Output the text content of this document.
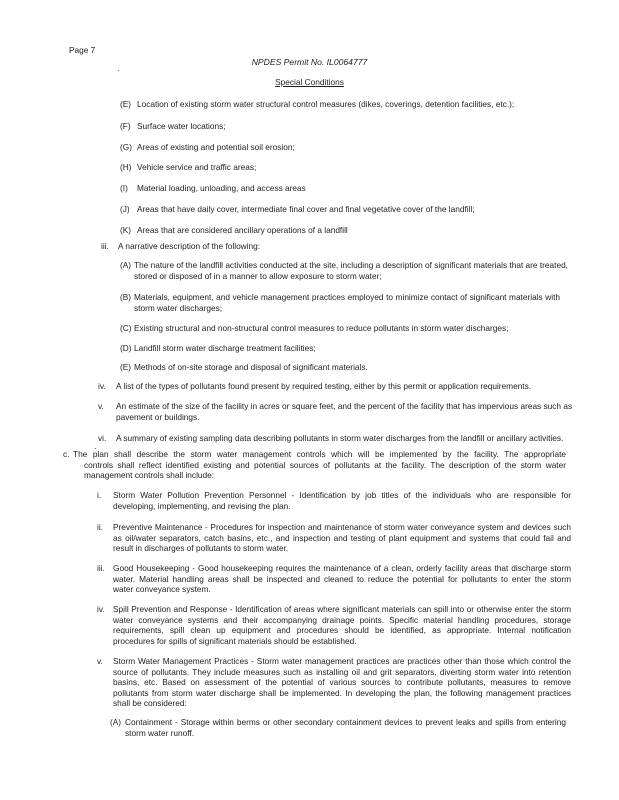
Page 7
NPDES Permit No. IL0064777
Special Conditions
(E) Location of existing storm water structural control measures (dikes, coverings, detention facilities, etc.);
(F) Surface water locations;
(G) Areas of existing and potential soil erosion;
(H) Vehicle service and traffic areas;
(I) Material loading, unloading, and access areas
(J) Areas that have daily cover, intermediate final cover and final vegetative cover of the landfill;
(K) Areas that are considered ancillary operations of a landfill
iii. A narrative description of the following:
(A) The nature of the landfill activities conducted at the site, including a description of significant materials that are treated,
stored or disposed of in a manner to allow exposure to storm water;
(B) Materials, equipment, and vehicle management practices employed to minimize contact of significant materials with
storm water discharges;
(C) Existing structural and non-structural control measures to reduce pollutants in storm water discharges;
(D) Landfill storm water discharge treatment facilities;
(E) Methods of on-site storage and disposal of significant materials.
iv. A list of the types of pollutants found present by required testing, either by this permit or application requirements.
v. An estimate of the size of the facility in acres or square feet, and the percent of the facility that has impervious areas such as
pavement or buildings.
vi. A summary of existing sampling data describing pollutants in storm water discharges from the landfill or ancillary activities.
c. The plan shall describe the storm water management controls which will be implemented by the facility. The appropriate
controls shall reflect identified existing and potential sources of pollutants at the facility. The description of the storm water
management controls shall include:
i. Storm Water Pollution Prevention Personnel - Identification by job titles of the individuals who are responsible for
developing, implementing, and revising the plan.
ii. Preventive Maintenance - Procedures for inspection and maintenance of storm water conveyance system and devices such
as oil/water separators, catch basins, etc., and inspection and testing of plant equipment and systems that could fail and
result in discharges of pollutants to storm water.
iii. Good Housekeeping - Good housekeeping requires the maintenance of a clean, orderly facility areas that discharge storm
water. Material handling areas shall be inspected and cleaned to reduce the potential for pollutants to enter the storm
water conveyance system.
iv. Spill Prevention and Response - Identification of areas where significant materials can spill into or otherwise enter the storm
water conveyance systems and their accompanying drainage points. Specific material handling procedures, storage
requirements, spill clean up equipment and procedures should be identified, as appropriate. Internal notification
procedures for spills of significant materials should be established.
v. Storm Water Management Practices - Storm water management practices are practices other than those which control the
source of pollutants. They include measures such as installing oil and grit separators, diverting storm water into retention
basins, etc. Based on assessment of the potential of various sources to contribute pollutants, measures to remove
pollutants from storm water discharge shall be implemented. In developing the plan, the following management practices
shall be considered:
(A) Containment - Storage within berms or other secondary containment devices to prevent leaks and spills from entering
storm water runoff.
